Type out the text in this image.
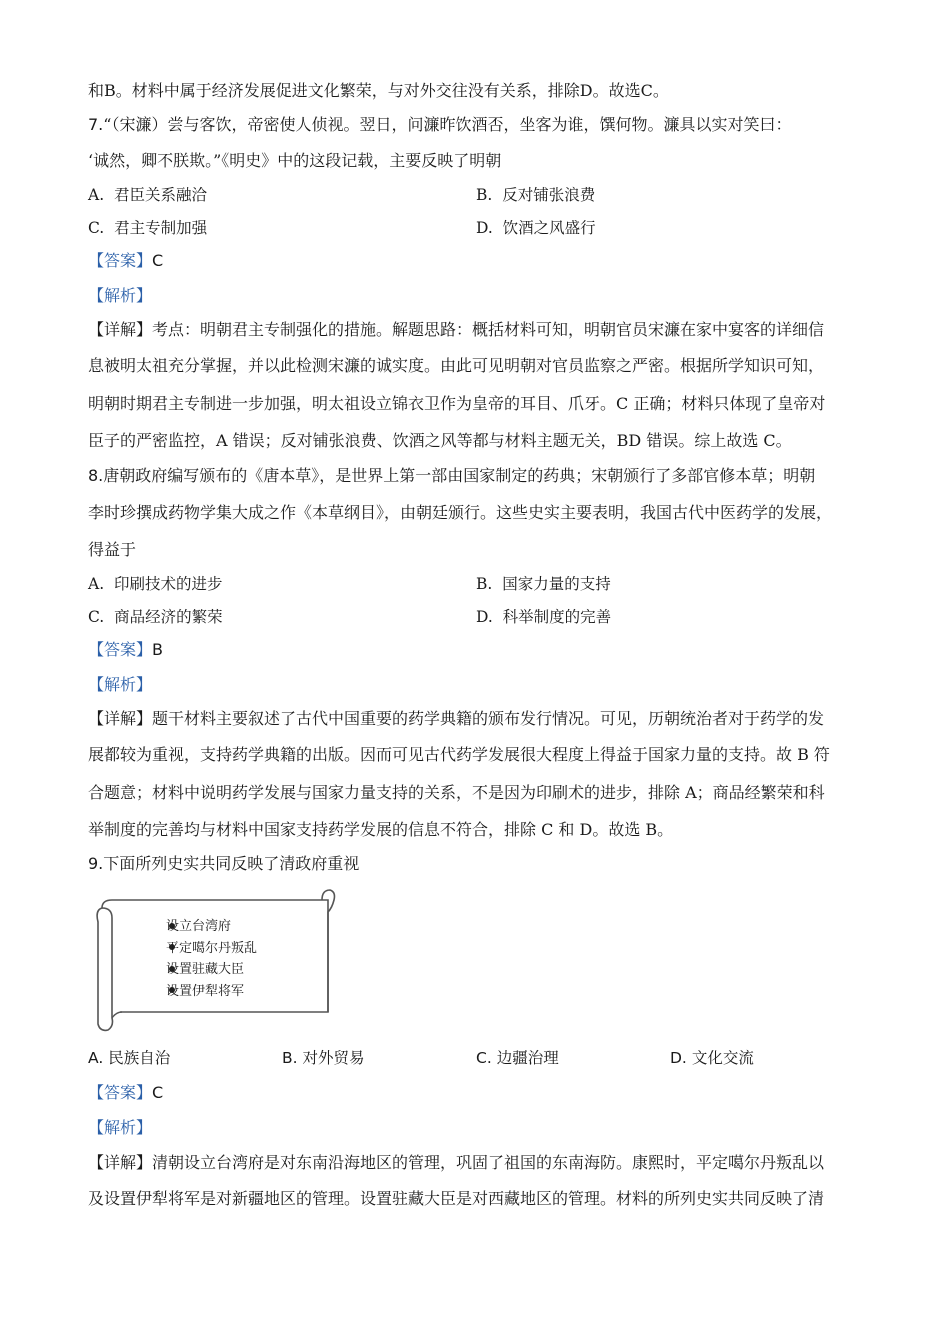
和B。材料中属于经济发展促进文化繁荣，与对外交往没有关系，排除D。故选C。
7.“（宋濂）尝与客饮，帝密使人侦视。翌日，问濂昨饮酒否，坐客为谁，馔何物。濂具以实对笑曰：
‘诚然，卿不朕欺。”《明史》中的这段记载，主要反映了明朝
A. 君臣关系融洽	B. 反对铺张浪费
C. 君主专制加强	D. 饮酒之风盛行
【答案】C
【解析】
【详解】考点：明朝君主专制强化的措施。解题思路：概括材料可知，明朝官员宋濂在家中宴客的详细信
息被明太祖充分掌握，并以此检测宋濂的诚实度。由此可见明朝对官员监察之严密。根据所学知识可知，
明朝时期君主专制进一步加强，明太祖设立锦衣卫作为皇帝的耳目、爪牙。C 正确；材料只体现了皇帝对
臣子的严密监控，A 错误；反对铺张浪费、饮酒之风等都与材料主题无关，BD 错误。综上故选 C。
8.唐朝政府编写颁布的《唐本草》，是世界上第一部由国家制定的药典；宋朝颁行了多部官修本草；明朝
李时珍撰成药物学集大成之作《本草纲目》，由朝廷颁行。这些史实主要表明，我国古代中医药学的发展，
得益于
A. 印刷技术的进步	B. 国家力量的支持
C. 商品经济的繁荣	D. 科举制度的完善
【答案】B
【解析】
【详解】题干材料主要叙述了古代中国重要的药学典籍的颁布发行情况。可见，历朝统治者对于药学的发
展都较为重视，支持药学典籍的出版。因而可见古代药学发展很大程度上得益于国家力量的支持。故 B 符
合题意；材料中说明药学发展与国家力量支持的关系，不是因为印刷术的进步，排除 A；商品经繁荣和科
举制度的完善均与材料中国家支持药学发展的信息不符合，排除 C 和 D。故选 B。
9.下面所列史实共同反映了清政府重视
设立台湾府
平定噶尔丹叛乱
设置驻藏大臣
设置伊犁将军
A. 民族自治	B. 对外贸易	C. 边疆治理	D. 文化交流
【答案】C
【解析】
【详解】清朝设立台湾府是对东南沿海地区的管理，巩固了祖国的东南海防。康熙时，平定噶尔丹叛乱以
及设置伊犁将军是对新疆地区的管理。设置驻藏大臣是对西藏地区的管理。材料的所列史实共同反映了清
